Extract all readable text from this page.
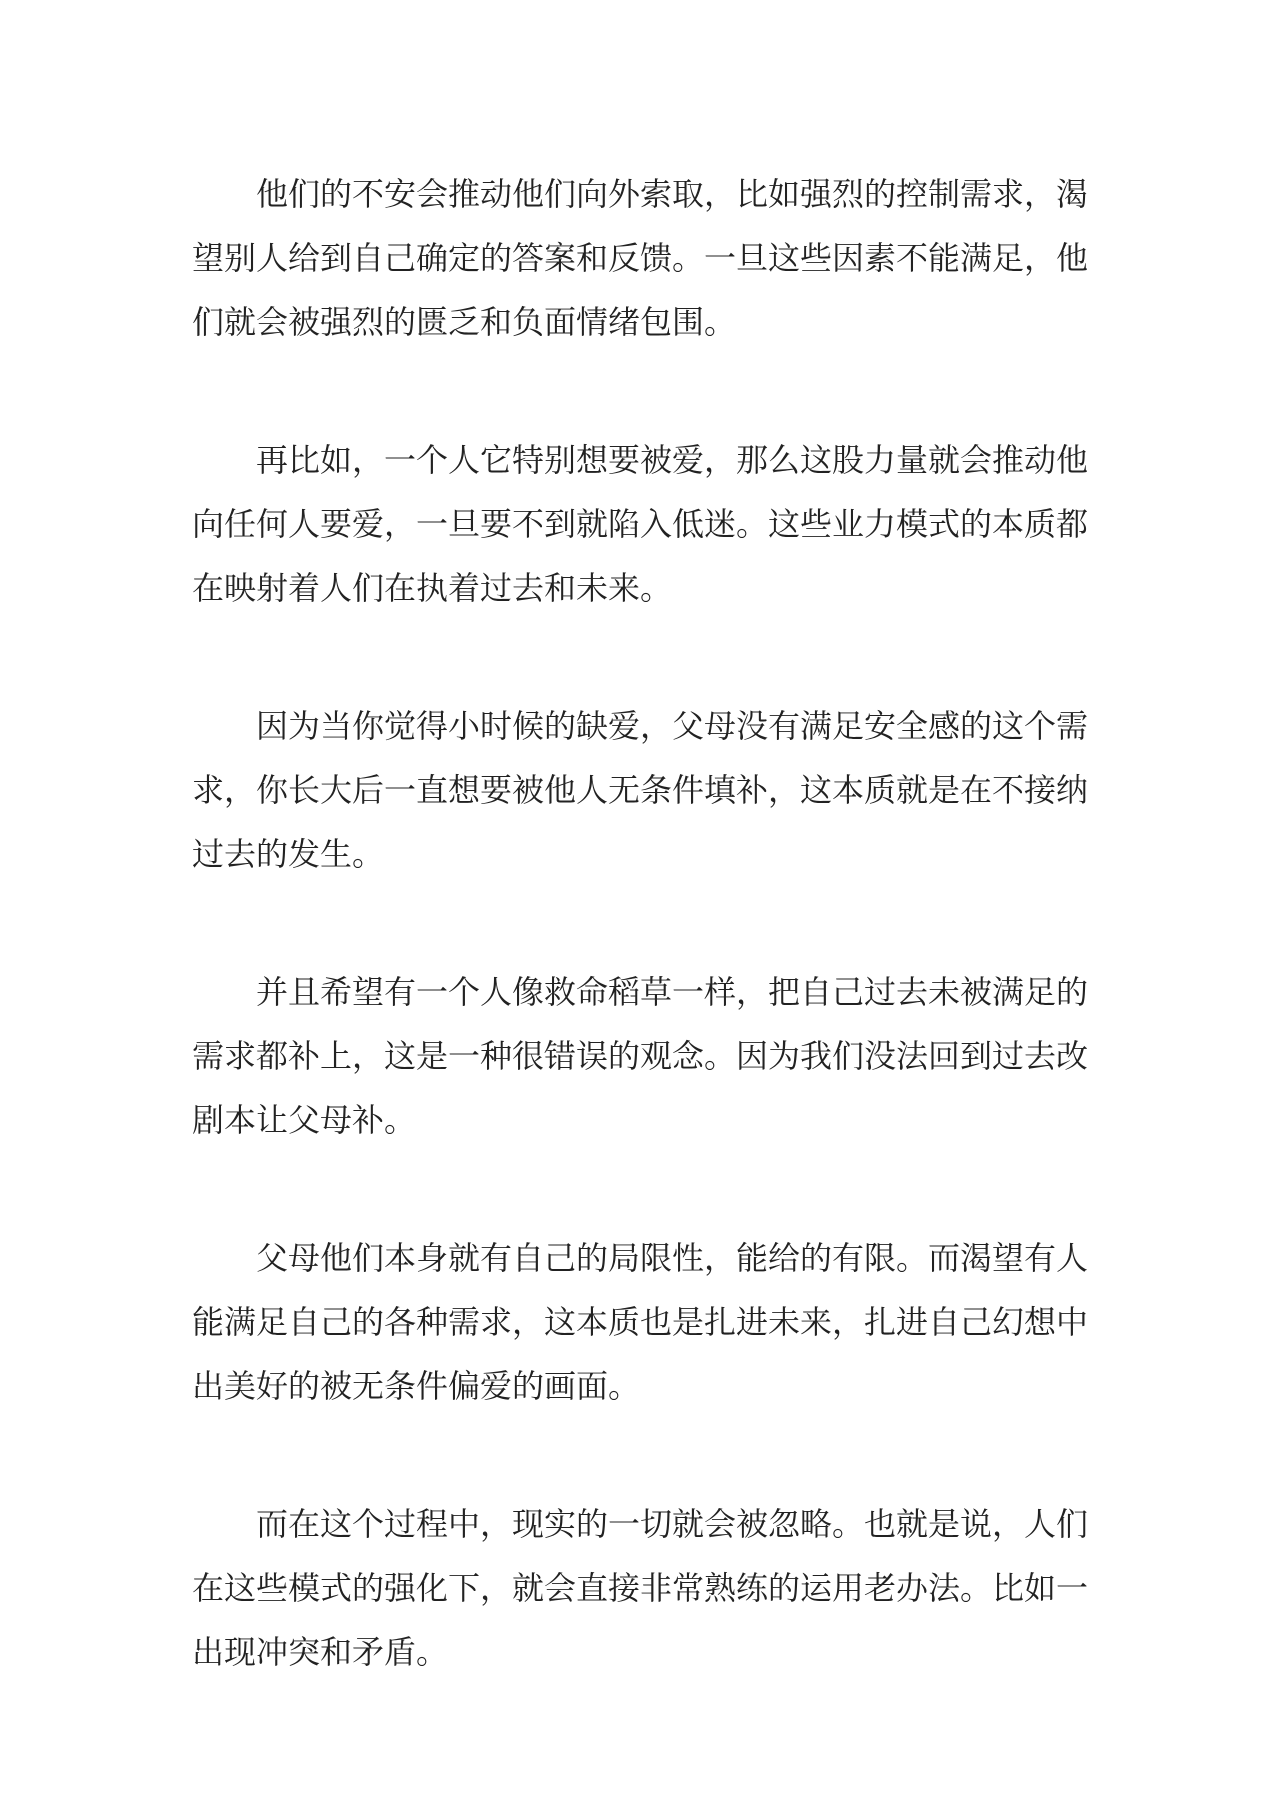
他们的不安会推动他们向外索取，比如强烈的控制需求，渴望别人给到自己确定的答案和反馈。一旦这些因素不能满足，他们就会被强烈的匮乏和负面情绪包围。

再比如，一个人它特别想要被爱，那么这股力量就会推动他向任何人要爱，一旦要不到就陷入低迷。这些业力模式的本质都在映射着人们在执着过去和未来。

因为当你觉得小时候的缺爱，父母没有满足安全感的这个需求，你长大后一直想要被他人无条件填补，这本质就是在不接纳过去的发生。

并且希望有一个人像救命稻草一样，把自己过去未被满足的需求都补上，这是一种很错误的观念。因为我们没法回到过去改剧本让父母补。

父母他们本身就有自己的局限性，能给的有限。而渴望有人能满足自己的各种需求，这本质也是扎进未来，扎进自己幻想中出美好的被无条件偏爱的画面。

而在这个过程中，现实的一切就会被忽略。也就是说，人们在这些模式的强化下，就会直接非常熟练的运用老办法。比如一出现冲突和矛盾。
